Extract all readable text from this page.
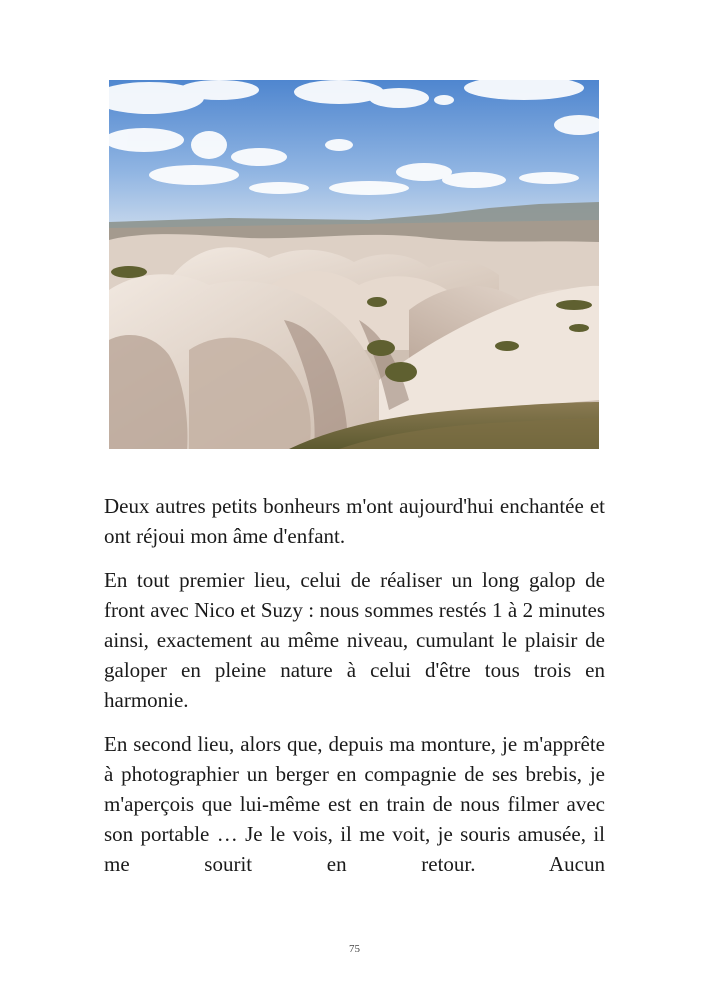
Deux autres petits bonheurs m'ont aujourd'hui enchantée et ont réjoui mon âme d'enfant.

En tout premier lieu, celui de réaliser un long galop de front avec Nico et Suzy : nous sommes restés 1 à 2 minutes ainsi, exactement au même niveau, cumulant le plaisir de galoper en pleine nature à celui d'être tous trois en harmonie.

En second lieu, alors que, depuis ma monture, je m'apprête à photographier un berger en compagnie de ses brebis, je m'aperçois que lui-même est en train de nous filmer avec son portable … Je le vois, il me voit, je souris amusée, il me sourit en retour. Aucun

75
